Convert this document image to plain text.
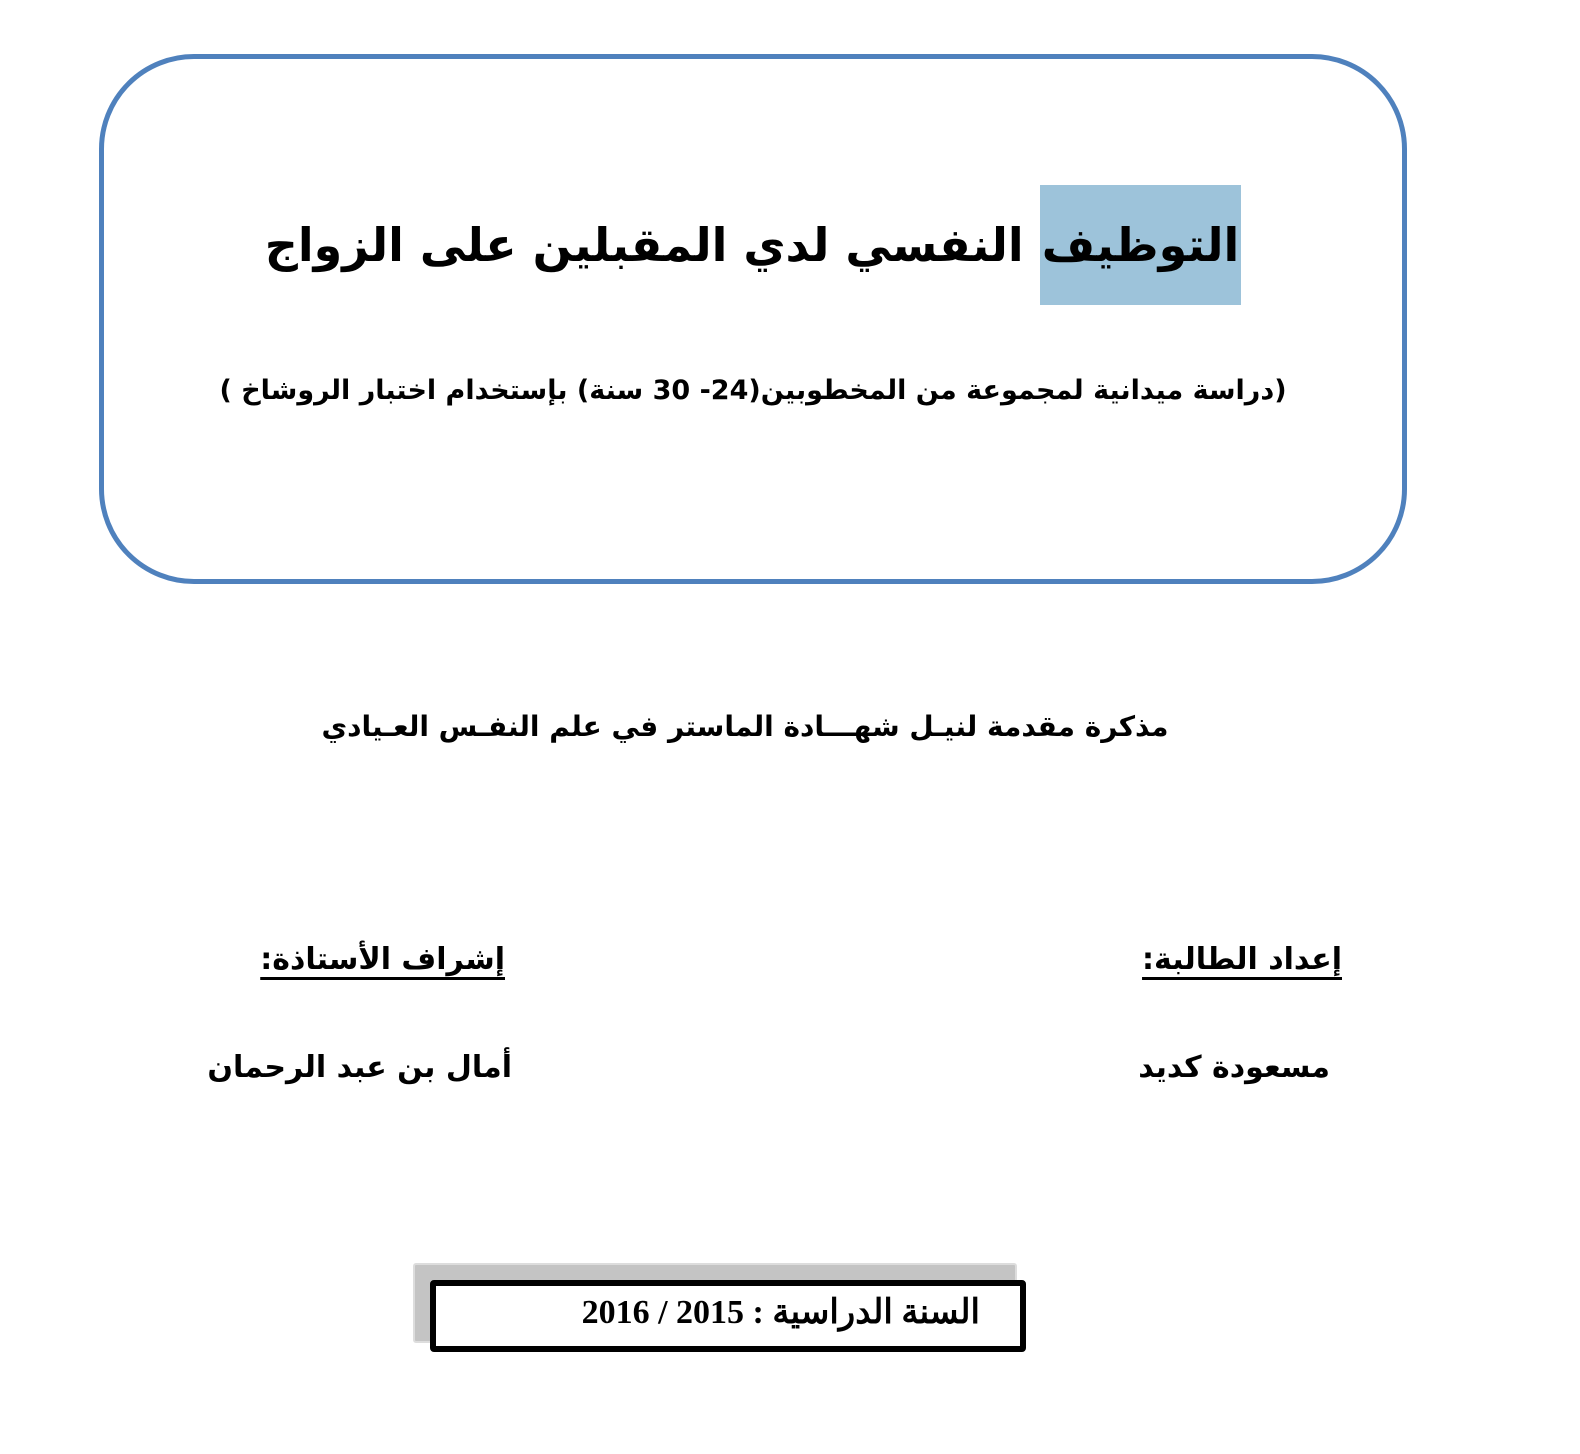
التوظيف النفسي لدي المقبلين على الزواج
(دراسة ميدانية لمجموعة من المخطوبين(24- 30 سنة) بإستخدام اختبار الروشاخ )
مذكرة مقدمة لنيـل شهـــادة الماستر في علم النفـس العـيادي
إعداد الطالبة:
مسعودة كديد
إشراف الأستاذة:
أمال بن عبد الرحمان
السنة الدراسية : 2015 / 2016
